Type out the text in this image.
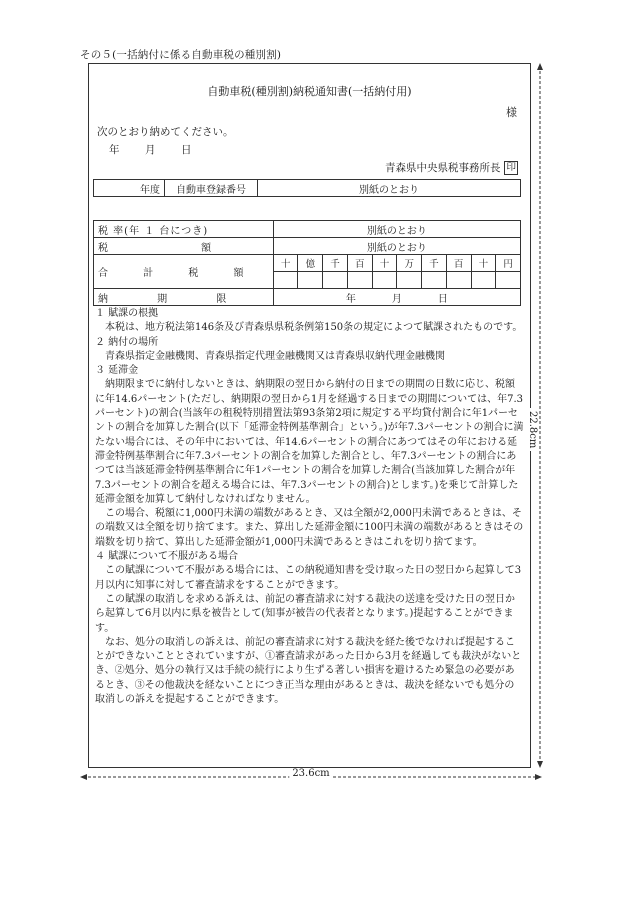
その５(一括納付に係る自動車税の種別割)
自動車税(種別割)納税通知書(一括納付用)
様
次のとおり納めてください。
年 月 日
青森県中央県税事務所長 印
年度	自動車登録番号	別紙のとおり
税 率(年 １ 台につき)	別紙のとおり									
税 額	別紙のとおり									
合 計 税 額	十	億	千	百	十	万	千	百	十	円

納 期 限	年 月 日									

１ 賦課の根拠

本税は、地方税法第146条及び青森県県税条例第150条の規定によつて賦課されたものです。

２ 納付の場所

青森県指定金融機関、青森県指定代理金融機関又は青森県収納代理金融機関

３ 延滞金

納期限までに納付しないときは、納期限の翌日から納付の日までの期間の日数に応じ、税額に年14.6パーセント(ただし、納期限の翌日から1月を経過する日までの期間については、年7.3パーセント)の割合(当該年の租税特別措置法第93条第2項に規定する平均貸付割合に年1パーセントの割合を加算した割合(以下「延滞金特例基準割合」という。)が年7.3パーセントの割合に満たない場合には、その年中においては、年14.6パーセントの割合にあつてはその年における延滞金特例基準割合に年7.3パーセントの割合を加算した割合とし、年7.3パーセントの割合にあつては当該延滞金特例基準割合に年1パーセントの割合を加算した割合(当該加算した割合が年7.3パーセントの割合を超える場合には、年7.3パーセントの割合)とします。)を乗じて計算した延滞金額を加算して納付しなければなりません。

この場合、税額に1,000円未満の端数があるとき、又は全額が2,000円未満であるときは、その端数又は全額を切り捨てます。また、算出した延滞金額に100円未満の端数があるときはその端数を切り捨て、算出した延滞金額が1,000円未満であるときはこれを切り捨てます。

４ 賦課について不服がある場合

この賦課について不服がある場合には、この納税通知書を受け取った日の翌日から起算して3月以内に知事に対して審査請求をすることができます。

この賦課の取消しを求める訴えは、前記の審査請求に対する裁決の送達を受けた日の翌日から起算して6月以内に県を被告として(知事が被告の代表者となります。)提起することができます。

なお、処分の取消しの訴えは、前記の審査請求に対する裁決を経た後でなければ提起することができないこととされていますが、①審査請求があった日から3月を経過しても裁決がないとき、②処分、処分の執行又は手続の続行により生ずる著しい損害を避けるため緊急の必要があるとき、③その他裁決を経ないことにつき正当な理由があるときは、裁決を経ないでも処分の取消しの訴えを提起することができます。

23.6cm
22.8cm
